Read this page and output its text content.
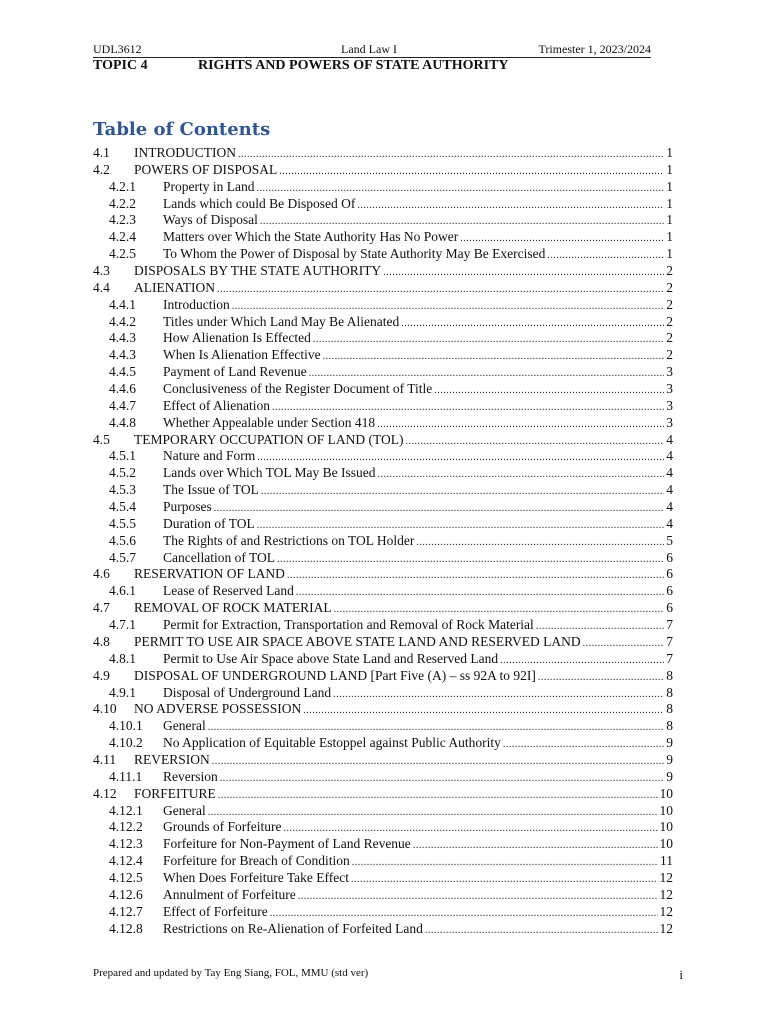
UDL3612	Land Law I	Trimester 1, 2023/2024
TOPIC 4	RIGHTS AND POWERS OF STATE AUTHORITY
Table of Contents
4.1 INTRODUCTION .....	1
4.2 POWERS OF DISPOSAL .....	1
4.2.1 Property in Land .....	1
4.2.2 Lands which could Be Disposed Of .....	1
4.2.3 Ways of Disposal .....	1
4.2.4 Matters over Which the State Authority Has No Power .....	1
4.2.5 To Whom the Power of Disposal by State Authority May Be Exercised .....	1
4.3 DISPOSALS BY THE STATE AUTHORITY .....	2
4.4 ALIENATION .....	2
4.4.1 Introduction .....	2
4.4.2 Titles under Which Land May Be Alienated .....	2
4.4.3 How Alienation Is Effected .....	2
4.4.3 When Is Alienation Effective .....	2
4.4.5 Payment of Land Revenue .....	3
4.4.6 Conclusiveness of the Register Document of Title .....	3
4.4.7 Effect of Alienation .....	3
4.4.8 Whether Appealable under Section 418 .....	3
4.5 TEMPORARY OCCUPATION OF LAND (TOL) .....	4
4.5.1 Nature and Form .....	4
4.5.2 Lands over Which TOL May Be Issued .....	4
4.5.3 The Issue of TOL .....	4
4.5.4 Purposes .....	4
4.5.5 Duration of TOL .....	4
4.5.6 The Rights of and Restrictions on TOL Holder .....	5
4.5.7 Cancellation of TOL .....	6
4.6 RESERVATION OF LAND .....	6
4.6.1 Lease of Reserved Land .....	6
4.7 REMOVAL OF ROCK MATERIAL .....	6
4.7.1 Permit for Extraction, Transportation and Removal of Rock Material .....	7
4.8 PERMIT TO USE AIR SPACE ABOVE STATE LAND AND RESERVED LAND .....	7
4.8.1 Permit to Use Air Space above State Land and Reserved Land .....	7
4.9 DISPOSAL OF UNDERGROUND LAND [Part Five (A) – ss 92A to 92I] .....	8
4.9.1 Disposal of Underground Land .....	8
4.10 NO ADVERSE POSSESSION .....	8
4.10.1 General .....	8
4.10.2 No Application of Equitable Estoppel against Public Authority .....	9
4.11 REVERSION .....	9
4.11.1 Reversion .....	9
4.12 FORFEITURE .....	10
4.12.1 General .....	10
4.12.2 Grounds of Forfeiture .....	10
4.12.3 Forfeiture for Non-Payment of Land Revenue .....	10
4.12.4 Forfeiture for Breach of Condition .....	11
4.12.5 When Does Forfeiture Take Effect .....	12
4.12.6 Annulment of Forfeiture .....	12
4.12.7 Effect of Forfeiture .....	12
4.12.8 Restrictions on Re-Alienation of Forfeited Land .....	12
Prepared and updated by Tay Eng Siang, FOL, MMU (std ver)	i
